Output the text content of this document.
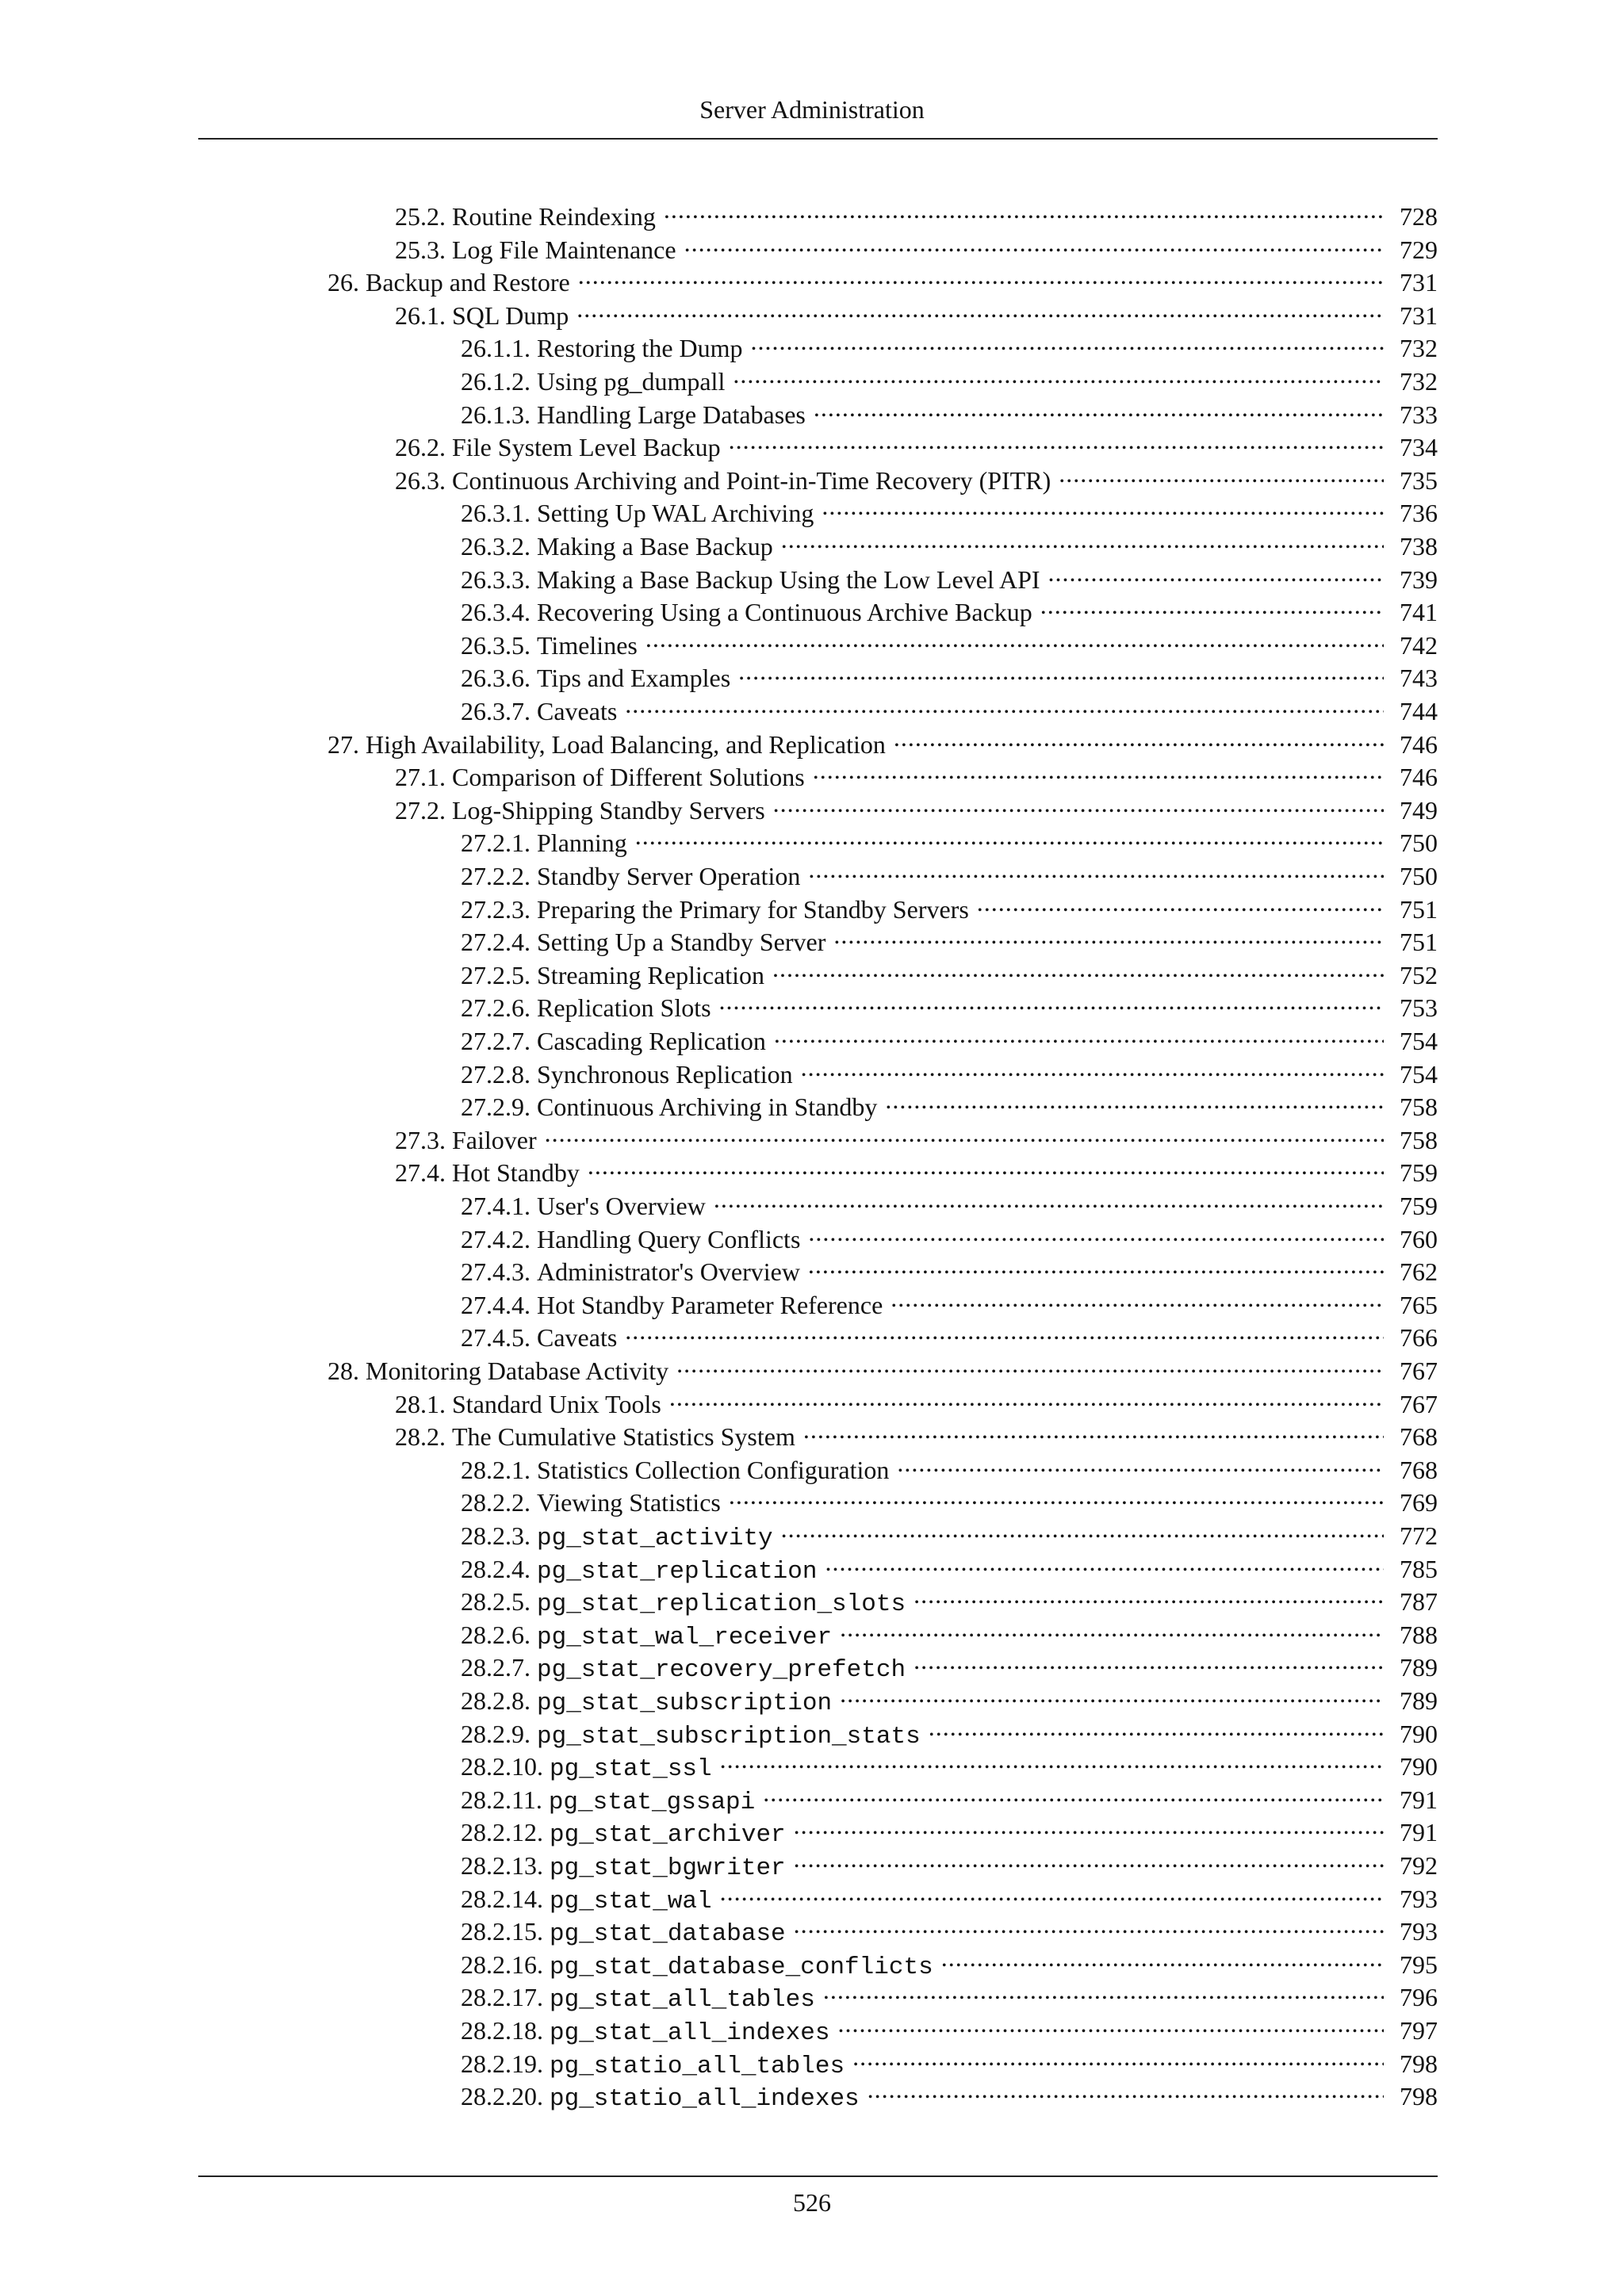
Server Administration
25.2. Routine Reindexing . . .	728
25.3. Log File Maintenance . . .	729
26. Backup and Restore . . .	731
26.1. SQL Dump . . .	731
26.1.1. Restoring the Dump . . .	732
26.1.2. Using pg_dumpall . . .	732
26.1.3. Handling Large Databases . . .	733
26.2. File System Level Backup . . .	734
26.3. Continuous Archiving and Point-in-Time Recovery (PITR) . . .	735
26.3.1. Setting Up WAL Archiving . . .	736
26.3.2. Making a Base Backup . . .	738
26.3.3. Making a Base Backup Using the Low Level API . . .	739
26.3.4. Recovering Using a Continuous Archive Backup . . .	741
26.3.5. Timelines . . .	742
26.3.6. Tips and Examples . . .	743
26.3.7. Caveats . . .	744
27. High Availability, Load Balancing, and Replication . . .	746
27.1. Comparison of Different Solutions . . .	746
27.2. Log-Shipping Standby Servers . . .	749
27.2.1. Planning . . .	750
27.2.2. Standby Server Operation . . .	750
27.2.3. Preparing the Primary for Standby Servers . . .	751
27.2.4. Setting Up a Standby Server . . .	751
27.2.5. Streaming Replication . . .	752
27.2.6. Replication Slots . . .	753
27.2.7. Cascading Replication . . .	754
27.2.8. Synchronous Replication . . .	754
27.2.9. Continuous Archiving in Standby . . .	758
27.3. Failover . . .	758
27.4. Hot Standby . . .	759
27.4.1. User's Overview . . .	759
27.4.2. Handling Query Conflicts . . .	760
27.4.3. Administrator's Overview . . .	762
27.4.4. Hot Standby Parameter Reference . . .	765
27.4.5. Caveats . . .	766
28. Monitoring Database Activity . . .	767
28.1. Standard Unix Tools . . .	767
28.2. The Cumulative Statistics System . . .	768
28.2.1. Statistics Collection Configuration . . .	768
28.2.2. Viewing Statistics . . .	769
28.2.3. pg_stat_activity . . .	772
28.2.4. pg_stat_replication . . .	785
28.2.5. pg_stat_replication_slots . . .	787
28.2.6. pg_stat_wal_receiver . . .	788
28.2.7. pg_stat_recovery_prefetch . . .	789
28.2.8. pg_stat_subscription . . .	789
28.2.9. pg_stat_subscription_stats . . .	790
28.2.10. pg_stat_ssl . . .	790
28.2.11. pg_stat_gssapi . . .	791
28.2.12. pg_stat_archiver . . .	791
28.2.13. pg_stat_bgwriter . . .	792
28.2.14. pg_stat_wal . . .	793
28.2.15. pg_stat_database . . .	793
28.2.16. pg_stat_database_conflicts . . .	795
28.2.17. pg_stat_all_tables . . .	796
28.2.18. pg_stat_all_indexes . . .	797
28.2.19. pg_statio_all_tables . . .	798
28.2.20. pg_statio_all_indexes . . .	798
526
